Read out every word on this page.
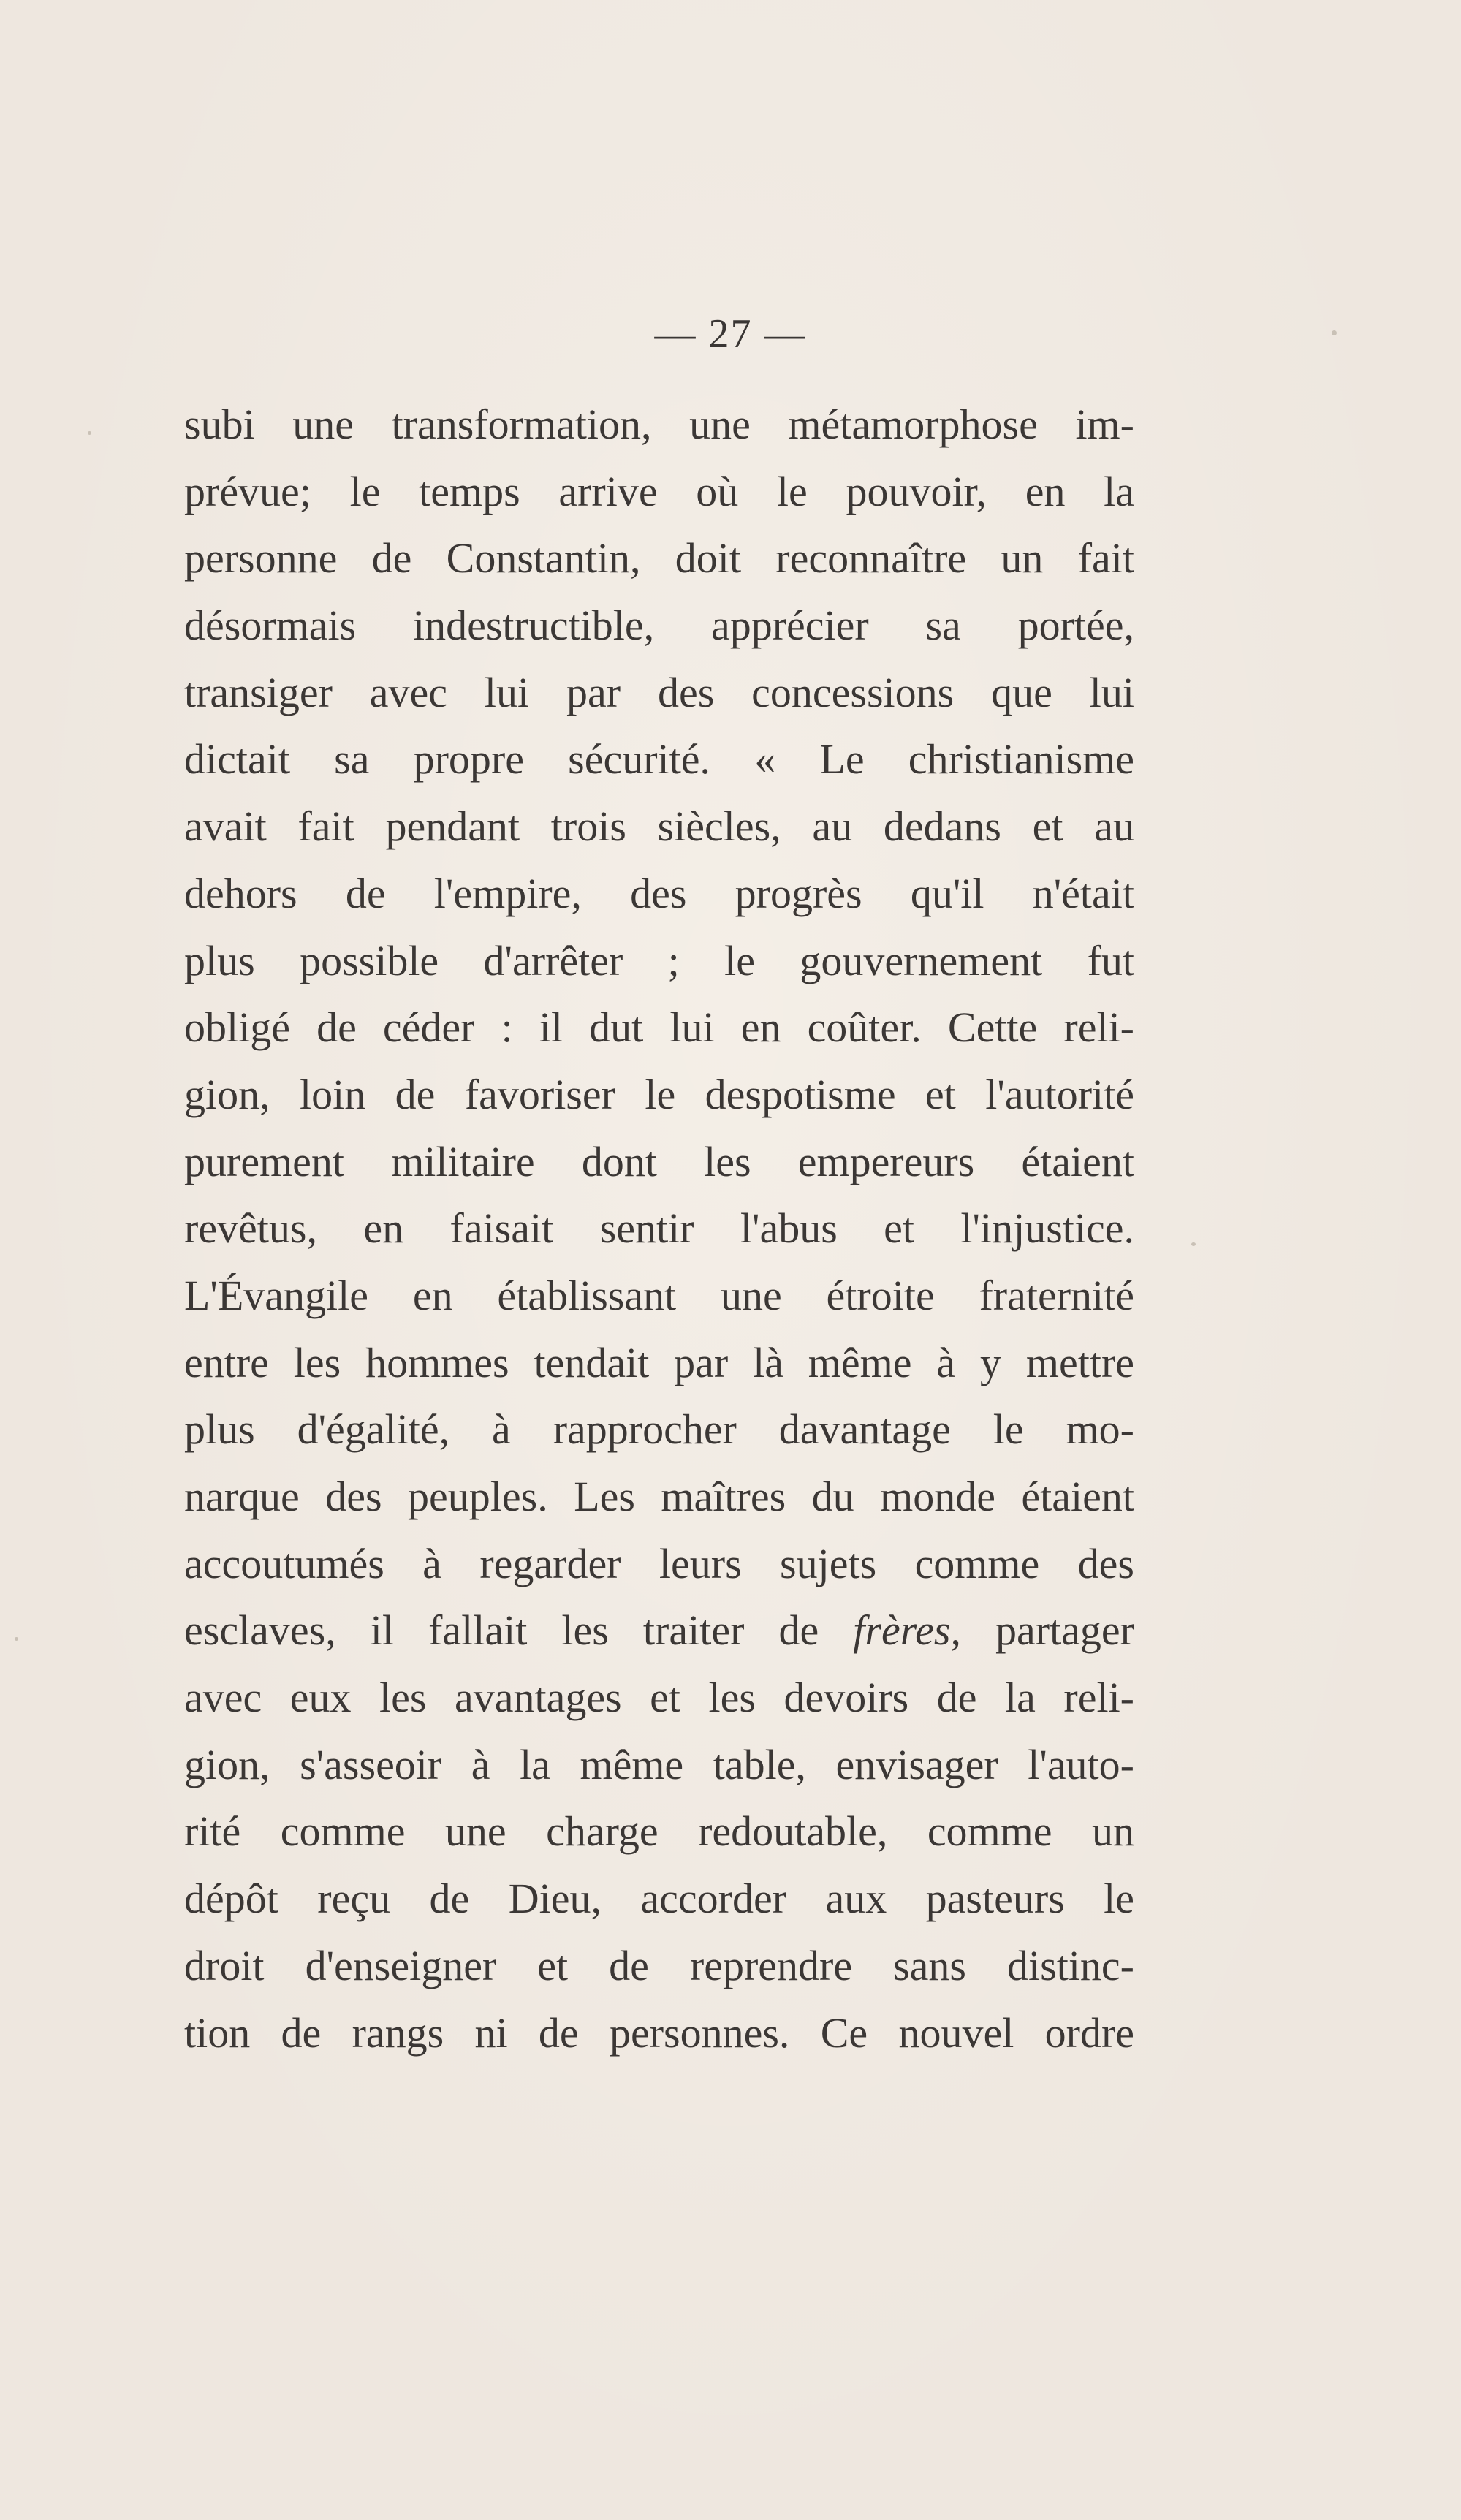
— 27 —
subi une transformation, une métamorphose im-
prévue; le temps arrive où le pouvoir, en la
personne de Constantin, doit reconnaître un fait
désormais indestructible, apprécier sa portée,
transiger avec lui par des concessions que lui
dictait sa propre sécurité. « Le christianisme
avait fait pendant trois siècles, au dedans et au
dehors de l'empire, des progrès qu'il n'était
plus possible d'arrêter ; le gouvernement fut
obligé de céder : il dut lui en coûter. Cette reli-
gion, loin de favoriser le despotisme et l'autorité
purement militaire dont les empereurs étaient
revêtus, en faisait sentir l'abus et l'injustice.
L'Évangile en établissant une étroite fraternité
entre les hommes tendait par là même à y mettre
plus d'égalité, à rapprocher davantage le mo-
narque des peuples. Les maîtres du monde étaient
accoutumés à regarder leurs sujets comme des
esclaves, il fallait les traiter de frères, partager
avec eux les avantages et les devoirs de la reli-
gion, s'asseoir à la même table, envisager l'auto-
rité comme une charge redoutable, comme un
dépôt reçu de Dieu, accorder aux pasteurs le
droit d'enseigner et de reprendre sans distinc-
tion de rangs ni de personnes. Ce nouvel ordre
